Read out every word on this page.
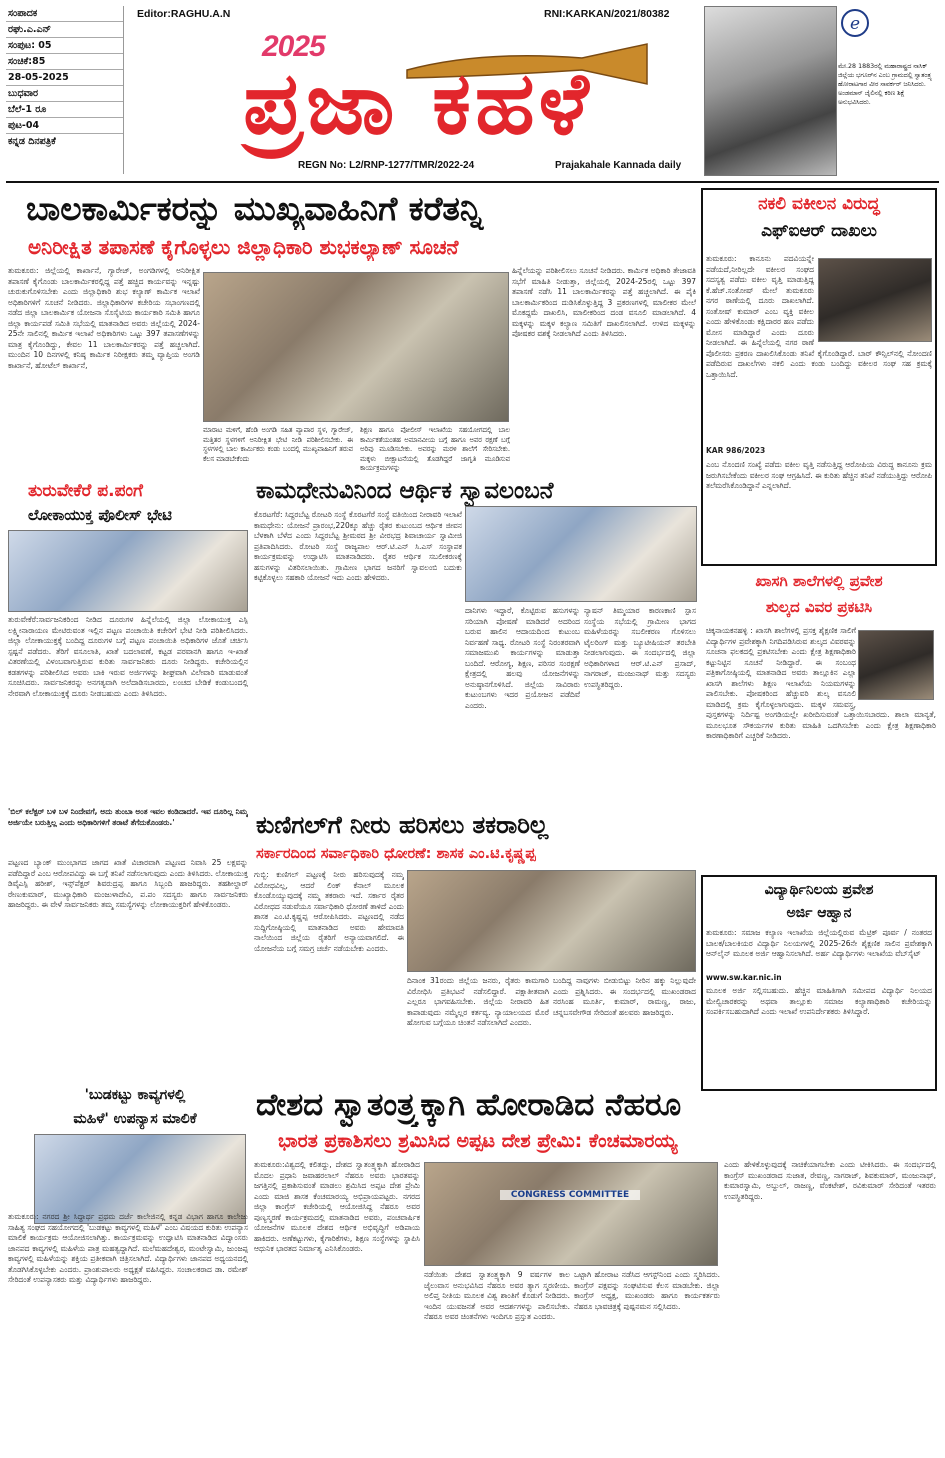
ಸಂಪಾದಕ
ರಘು.ಎ.ಎನ್
ಸಂಪುಟ: 05
ಸಂಚಿಕೆ:85
28-05-2025
ಬುಧವಾರ
ಬೆಲೆ-1 ರೂ
ಪುಟ-04
ಕನ್ನಡ ದಿನಪತ್ರಿಕೆ
Editor:RAGHU.A.N	RNI:KARKAN/2021/80382
2025
ಪ್ರಜಾ ಕಹಳೆ
REGN No: L2/RNP-1277/TMR/2022-24	Prajakahale Kannada daily
e
ಮೇ.28 1883ರಲ್ಲಿ ಮಹಾರಾಷ್ಟ್ರದ ನಾಸಿಕ್ ಜಿಲ್ಲೆಯ ಭಗೂರ್‌ನ ಎಂಬ ಗ್ರಾಮದಲ್ಲಿ ಸ್ವಾತಂತ್ರ್ಯ ಹೋರಾಟಗಾರ ವೀರ ಸಾವರ್ಕರ್ ಜನಿಸಿದರು. ಅಂಡಮಾನ್ ಜೈಲಿನಲ್ಲಿ ಕಠಿಣ ಶಿಕ್ಷೆ ಅನುಭವಿಸಿದರು.
ಬಾಲಕಾರ್ಮಿಕರನ್ನು ಮುಖ್ಯವಾಹಿನಿಗೆ ಕರೆತನ್ನಿ
ಅನಿರೀಕ್ಷಿತ ತಪಾಸಣೆ ಕೈಗೊಳ್ಳಲು ಜಿಲ್ಲಾಧಿಕಾರಿ ಶುಭಕಲ್ಯಾಣ್ ಸೂಚನೆ
ತುಮಕೂರು: ಜಿಲ್ಲೆಯಲ್ಲಿ ಕಾರ್ಖಾನೆ, ಗ್ಯಾರೇಜ್, ಅಂಗಡಿಗಳಲ್ಲಿ ಅನಿರೀಕ್ಷಿತ ತಪಾಸಣೆ ಕೈಗೊಂಡು ಬಾಲಕಾರ್ಮಿಕರಲ್ಲಿದ್ದ ಪತ್ತೆ ಹಚ್ಚಿದ ಕಾರ್ಯವನ್ನು ಇನ್ನಷ್ಟು ಚುರುಕುಗೊಳಿಸಬೇಕು ಎಂದು ಜಿಲ್ಲಾಧಿಕಾರಿ ಶುಭ ಕಲ್ಯಾಣ್ ಕಾರ್ಮಿಕ ಇಲಾಖೆ ಅಧಿಕಾರಿಗಳಿಗೆ ಸೂಚನೆ ನೀಡಿದರು. ಜಿಲ್ಲಾಧಿಕಾರಿಗಳ ಕಚೇರಿಯ ಸಭಾಂಗಣದಲ್ಲಿ ನಡೆದ ಜಿಲ್ಲಾ ಬಾಲಕಾರ್ಮಿಕ ಯೋಜನಾ ಸೊಸೈಟಿಯ ಕಾರ್ಯಕಾರಿ ಸಮಿತಿ ಹಾಗೂ ಜಿಲ್ಲಾ ಕಾರ್ಯಪಡೆ ಸಮಿತಿ ಸಭೆಯಲ್ಲಿ ಮಾತನಾಡಿದ ಅವರು ಜಿಲ್ಲೆಯಲ್ಲಿ 2024-25ನೇ ಸಾಲಿನಲ್ಲಿ ಕಾರ್ಮಿಕ ಇಲಾಖೆ ಅಧಿಕಾರಿಗಳು ಒಟ್ಟು 397 ತಪಾಸಣೆಗಳನ್ನು ಮಾತ್ರ ಕೈಗೊಂಡಿದ್ದು, ಕೇವಲ 11 ಬಾಲಕಾರ್ಮಿಕರನ್ನು ಪತ್ತೆ ಹಚ್ಚಲಾಗಿದೆ. ಮುಂದಿನ 10 ದಿನಗಳಲ್ಲಿ ಕನಿಷ್ಠ ಕಾರ್ಮಿಕ ನಿರೀಕ್ಷಕರು ತಮ್ಮ ವ್ಯಾಪ್ತಿಯ ಅಂಗಡಿ ಕಾರ್ಖಾನೆ, ಹೋಟೆಲ್ ಕಾರ್ಖಾನೆ,
ಮಾರಾಟ ಮಳಿಗೆ, ಹೆಂಡಿ ಅಂಗಡಿ ಸಹಿತ ವ್ಯಾಪಾರ ಸ್ಥಳ, ಗ್ಯಾರೇಜ್, ಮತ್ತಿತರ ಸ್ಥಳಗಳಿಗೆ ಅನಿರೀಕ್ಷಿತ ಭೇಟಿ ನೀಡಿ ಪರಿಶೀಲಿಸಬೇಕು. ಈ ಸ್ಥಳಗಳಲ್ಲಿ ಬಾಲ ಕಾರ್ಮಿಕರು ಕಂಡು ಬಂದಲ್ಲಿ ಮುಖ್ಯವಾಹಿನಿಗೆ ತರುವ ಕೆಲಸ ಮಾಡಬೇಕೆಂದು
ಶಿಕ್ಷಣ ಹಾಗೂ ಪೋಲೀಸ್ ಇಲಾಖೆಯ ಸಹಯೋಗದಲ್ಲಿ ಬಾಲ ಕಾರ್ಮಿಕತೆಯಂತಹ ಅಮಾನವೀಯ ಬಗ್ಗೆ ಹಾಗೂ ಅವರ ರಕ್ಷಣೆ ಬಗ್ಗೆ ಅರಿವು ಮೂಡಿಸಬೇಕು. ಅವರನ್ನು ಮರಳಿ ಶಾಲೆಗೆ ಸೇರಿಸಬೇಕು. ಮಕ್ಕಳು ಬೀಕ್ಷಾಟನೆಯಲ್ಲಿ ತೊಡಗಿದ್ದರೆ ಜಾಗೃತಿ ಮೂಡಿಸುವ ಕಾರ್ಯಕ್ರಮಗಳನ್ನು
ಹಿನ್ನೆಲೆಯನ್ನು ಪರಿಶೀಲಿಸಲು ಸೂಚನೆ ನೀಡಿದರು. ಕಾರ್ಮಿಕ ಅಧಿಕಾರಿ ತೇಜಾವತಿ ಸಭೆಗೆ ಮಾಹಿತಿ ನೀಡುತ್ತಾ, ಜಿಲ್ಲೆಯಲ್ಲಿ 2024-25ರಲ್ಲಿ ಒಟ್ಟು 397 ತಪಾಸಣೆ ನಡೆಸಿ 11 ಬಾಲಕಾರ್ಮಿಕರನ್ನು ಪತ್ತೆ ಹಚ್ಚಲಾಗಿದೆ. ಈ ಪೈಕಿ ಬಾಲಕಾರ್ಮಿಕರಿಂದ ದುಡಿಸಿಕೊಳ್ಳುತ್ತಿದ್ದ 3 ಪ್ರಕರಣಗಳಲ್ಲಿ ಮಾಲೀಕರ ಮೇಲೆ ಮೊಕದ್ದಮೆ ದಾಖಲಿಸಿ, ಮಾಲೀಕರಿಂದ ದಂಡ ವಸೂಲಿ ಮಾಡಲಾಗಿದೆ. 4 ಮಕ್ಕಳನ್ನು ಮಕ್ಕಳ ಕಲ್ಯಾಣ ಸಮಿತಿಗೆ ದಾಖಲಿಸಲಾಗಿದೆ. ಉಳಿದ ಮಕ್ಕಳನ್ನು ಪೋಷಕರ ವಶಕ್ಕೆ ನೀಡಲಾಗಿದೆ ಎಂದು ತಿಳಿಸಿದರು.
ನಕಲಿ ವಕೀಲನ ವಿರುದ್ಧ
ಎಫ್‌ಐಆರ್ ದಾಖಲು
ತುಮಕೂರು: ಕಾನೂನು ಪದವಿಯನ್ನೇ ಪಡೆಯದೆ,ನೀರಿಲ್ಲದೇ ವಕೀಲರ ಸಂಘದ ಸದಸ್ಯತ್ವ ಪಡೆದು ವಕೀಲ ವೃತ್ತಿ ಮಾಡುತ್ತಿದ್ದ ಕೆ.ಹೆಚ್.ಸಂತೋಷ್ ಮೇಲೆ ತುಮಕೂರು ನಗರ ಠಾಣೆಯಲ್ಲಿ ದೂರು ದಾಖಲಾಗಿದೆ. ಸಂತೋಷ್ ಕುಮಾರ್ ಎಂಬ ವ್ಯಕ್ತಿ ವಕೀಲ ಎಂದು ಹೇಳಿಕೊಂಡು ಕಕ್ಷಿದಾರರ ಹಣ ಪಡೆದು ಮೋಸ ಮಾಡಿದ್ದಾರೆ ಎಂದು ದೂರು ನೀಡಲಾಗಿದೆ. ಈ ಹಿನ್ನೆಲೆಯಲ್ಲಿ ನಗರ ಠಾಣೆ ಪೊಲೀಸರು ಪ್ರಕರಣ ದಾಖಲಿಸಿಕೊಂಡು ತನಿಖೆ ಕೈಗೊಂಡಿದ್ದಾರೆ. ಬಾರ್ ಕೌನ್ಸಿಲ್‌ನಲ್ಲಿ ನೋಂದಣಿ ಪಡೆದಿರುವ ದಾಖಲೆಗಳು ನಕಲಿ ಎಂದು ಕಂಡು ಬಂದಿದ್ದು ವಕೀಲರ ಸಂಘ ಸಹ ಕ್ರಮಕ್ಕೆ ಒತ್ತಾಯಿಸಿದೆ.
KAR 986/2023
ಎಂಬ ನೊಂದಣಿ ಸಂಖ್ಯೆ ಪಡೆದು ವಕೀಲ ವೃತ್ತಿ ನಡೆಸುತ್ತಿದ್ದ ಆರೋಪಿಯ ವಿರುದ್ಧ ಕಾನೂನು ಕ್ರಮ ಜರುಗಿಸಬೇಕೆಂದು ವಕೀಲರ ಸಂಘ ಆಗ್ರಹಿಸಿದೆ. ಈ ಕುರಿತು ಹೆಚ್ಚಿನ ತನಿಖೆ ನಡೆಯುತ್ತಿದ್ದು ಆರೋಪಿ ತಲೆಮರೆಸಿಕೊಂಡಿದ್ದಾನೆ ಎನ್ನಲಾಗಿದೆ.
ತುರುವೇಕೆರೆ ಪ.ಪಂಗೆ
ಲೋಕಾಯುಕ್ತ ಪೊಲೀಸ್ ಭೇಟಿ
ತುರುವೇಕೆರೆ:ಸಾರ್ವಜನಿಕರಿಂದ ನೀಡಿದ ದೂರುಗಳ ಹಿನ್ನೆಲೆಯಲ್ಲಿ ಜಿಲ್ಲಾ ಲೋಕಾಯುಕ್ತ ಎಸ್ಪಿ ಲಕ್ಷ್ಮೀನಾರಾಯಣ ಮೇಟಿರುವಂತ ಇಲ್ಲಿನ ಪಟ್ಟಣ ಪಂಚಾಯಿತಿ ಕಚೇರಿಗೆ ಭೇಟಿ ನೀಡಿ ಪರಿಶೀಲಿಸಿದರು. ಜಿಲ್ಲಾ ಲೋಕಾಯುಕ್ತಕ್ಕೆ ಬಂದಿದ್ದ ದೂರುಗಳ ಬಗ್ಗೆ ಪಟ್ಟಣ ಪಂಚಾಯಿತಿ ಅಧಿಕಾರಿಗಳ ಜೊತೆ ಚರ್ಚಿಸಿ ಸ್ಪಷ್ಟನೆ ಪಡೆದರು. ತೆರಿಗೆ ವಸೂಲಾತಿ, ಖಾತೆ ಬದಲಾವಣೆ, ಕಟ್ಟಡ ಪರವಾನಗಿ ಹಾಗೂ ಇ-ಖಾತೆ ವಿತರಣೆಯಲ್ಲಿ ವಿಳಂಬವಾಗುತ್ತಿರುವ ಕುರಿತು ಸಾರ್ವಜನಿಕರು ದೂರು ನೀಡಿದ್ದರು. ಕಚೇರಿಯಲ್ಲಿನ ಕಡತಗಳನ್ನು ಪರಿಶೀಲಿಸಿದ ಅವರು ಬಾಕಿ ಇರುವ ಅರ್ಜಿಗಳನ್ನು ಶೀಘ್ರವಾಗಿ ವಿಲೇವಾರಿ ಮಾಡುವಂತೆ ಸೂಚಿಸಿದರು. ಸಾರ್ವಜನಿಕರನ್ನು ಅನಗತ್ಯವಾಗಿ ಅಲೆದಾಡಿಸಬಾರದು, ಲಂಚದ ಬೇಡಿಕೆ ಕಂಡುಬಂದಲ್ಲಿ ನೇರವಾಗಿ ಲೋಕಾಯುಕ್ತಕ್ಕೆ ದೂರು ನೀಡಬಹುದು ಎಂದು ತಿಳಿಸಿದರು.
'ಬಿಲ್ ಕಲೆಕ್ಟರ್ ಬಳಿ ಬಳ ನಿಂದೇವಗೆ, ಅದು ತುಂಬಾ ಅಂತ ಇವಲ ಕಂಡಿದಾದರೆ. ಇವ ದೂರಿಲ್ಲ ನಿಮ್ಮ ಅರ್ಜಿಯೇ ಬರುತ್ತಿಲ್ಲ ಎಂದು ಅಧಿಕಾರಿಗಳಿಗೆ ತರಾಟೆ ತೆಗೆದುಕೊಂಡರು.'
ಪಟ್ಟಣದ ಬ್ಯಾಂಕ್ ಮುಂಭಾಗದ ಜಾಗದ ಖಾತೆ ವಿಚಾರವಾಗಿ ಪಟ್ಟಣದ ನಿವಾಸಿ 25 ಲಕ್ಷವನ್ನು ಪಡೆದಿದ್ದಾರೆ ಎಂಬ ಆರೋಪವಿದ್ದು ಈ ಬಗ್ಗೆ ತನಿಖೆ ನಡೆಸಲಾಗುವುದು ಎಂದು ತಿಳಿಸಿದರು. ಲೋಕಾಯುಕ್ತ ಡಿವೈಎಸ್ಪಿ ಹರೀಶ್, ಇನ್ಸ್‌ಪೆಕ್ಟರ್ ಶಿವರುದ್ರಪ್ಪ ಹಾಗೂ ಸಿಬ್ಬಂದಿ ಹಾಜರಿದ್ದರು. ತಹಶೀಲ್ದಾರ್ ರೇಣುಕುಮಾರ್, ಮುಖ್ಯಾಧಿಕಾರಿ ಮಂಜುಳಾದೇವಿ, ಪ.ಪಂ ಸದಸ್ಯರು ಹಾಗೂ ಸಾರ್ವಜನಿಕರು ಹಾಜರಿದ್ದರು. ಈ ವೇಳೆ ಸಾರ್ವಜನಿಕರು ತಮ್ಮ ಸಮಸ್ಯೆಗಳನ್ನು ಲೋಕಾಯುಕ್ತರಿಗೆ ಹೇಳಿಕೊಂಡರು.
ಕಾಮಧೇನುವಿನಿಂದ ಆರ್ಥಿಕ ಸ್ವಾವಲಂಬನೆ
ಕೊರಟಗೆರೆ: ಸಿದ್ದರಬೆಟ್ಟ ರೋಟರಿ ಸಂಸ್ಥೆ ಕೊರಟಗೆರೆ ಸಂಸ್ಥೆ ವತಿಯಿಂದ ನೀರಾವರಿ ಇಲಾಖೆ ಕಾಮಧೇನು: ಯೋಜನೆ ಪ್ರಾರಂಭ,220ಕ್ಕೂ ಹೆಚ್ಚು ರೈತರ ಕುಟುಂಬದ ಆರ್ಥಿಕ ಜೀವನ ಬೆಳಕಾಗಿ ಬೆಳೆದ ಎಂದು ಸಿದ್ದರಬೆಟ್ಟ ಶ್ರೀಮಠದ ಶ್ರೀ ವೀರಭದ್ರ ಶಿವಾಚಾರ್ಯ ಸ್ವಾಮೀಜಿ ಪ್ರತಿಪಾದಿಸಿದರು. ರೋಟರಿ ಸಂಸ್ಥೆ ರಾಜ್ಯಪಾಲ ಆರ್.ಟಿ.ಎನ್ ಸಿ.ಎಸ್ ಸಂಸ್ಥಾಪಕ ಕಾರ್ಯಕ್ರಮವನ್ನು ಉದ್ಘಾಟಿಸಿ ಮಾತನಾಡಿದರು. ರೈತರ ಆರ್ಥಿಕ ಸಬಲೀಕರಣಕ್ಕೆ ಹಸುಗಳನ್ನು ವಿತರಿಸಲಾಯಿತು. ಗ್ರಾಮೀಣ ಭಾಗದ ಜನರಿಗೆ ಸ್ವಾವಲಂಬಿ ಬದುಕು ಕಟ್ಟಿಕೊಳ್ಳಲು ಸಹಕಾರಿ ಯೋಜನೆ ಇದು ಎಂದು ಹೇಳಿದರು.
ದಾನಿಗಳು ಇದ್ದಾರೆ, ಕೊಟ್ಟಿರುವ ಹಸುಗಳನ್ನು ಸರಿಯಾಗಿ ಪೋಷಣೆ ಮಾಡಿದರೆ ಅದರಿಂದ ಬರುವ ಹಾಲಿನ ಆದಾಯದಿಂದ ಕುಟುಂಬ ನಿರ್ವಹಣೆ ಸಾಧ್ಯ. ರೋಟರಿ ಸಂಸ್ಥೆ ನಿರಂತರವಾಗಿ ಸಮಾಜಮುಖಿ ಕಾರ್ಯಗಳನ್ನು ಮಾಡುತ್ತಾ ಬಂದಿದೆ. ಆರೋಗ್ಯ, ಶಿಕ್ಷಣ, ಪರಿಸರ ಸಂರಕ್ಷಣೆ ಕ್ಷೇತ್ರದಲ್ಲಿ ಹಲವು ಯೋಜನೆಗಳನ್ನು ಅನುಷ್ಠಾನಗೊಳಿಸಿದೆ. ಜಿಲ್ಲೆಯ ಸಾವಿರಾರು ಕುಟುಂಬಗಳು ಇದರ ಪ್ರಯೋಜನ ಪಡೆದಿವೆ ಎಂದರು.
ನ್ಯಾಷನ್ ತಿಮ್ಮಯಾರ ಕಾರಣಕಾಣಿ ಸ್ಪಾಸ ಸಂಸ್ಥೆಯ ಸಭೆಯಲ್ಲಿ ಗ್ರಾಮೀಣ ಭಾಗದ ಮಹಿಳೆಯರನ್ನು ಸಬಲೀಕರಣ ಗೊಳಿಸಲು ಟೈಲರಿಂಗ್ ಮತ್ತು ಬ್ಯೂಟೀಷಿಯನ್ ತರಬೇತಿ ನೀಡಲಾಗುವುದು. ಈ ಸಂದರ್ಭದಲ್ಲಿ ಜಿಲ್ಲಾ ಅಧಿಕಾರಿಗಳಾದ ಆರ್.ಟಿ.ಎನ್ ಪ್ರಸಾದ್, ನಾಗರಾಜ್, ಮಂಜುನಾಥ್ ಮತ್ತು ಸದಸ್ಯರು ಉಪಸ್ಥಿತರಿದ್ದರು.
ಖಾಸಗಿ ಶಾಲೆಗಳಲ್ಲಿ ಪ್ರವೇಶ
ಶುಲ್ಕದ ವಿವರ ಪ್ರಕಟಿಸಿ
ಚಿಕ್ಕನಾಯಕನಹಳ್ಳಿ : ಖಾಸಗಿ ಶಾಲೆಗಳಲ್ಲಿ ಪ್ರಸಕ್ತ ಶೈಕ್ಷಣಿಕ ಸಾಲಿಗೆ ವಿದ್ಯಾರ್ಥಿಗಳ ಪ್ರವೇಶಕ್ಕಾಗಿ ನಿಗದಿಪಡಿಸಿರುವ ಶುಲ್ಕದ ವಿವರವನ್ನು ಸೂಚನಾ ಫಲಕದಲ್ಲಿ ಪ್ರಕಟಿಸಬೇಕು ಎಂದು ಕ್ಷೇತ್ರ ಶಿಕ್ಷಣಾಧಿಕಾರಿ ಕಟ್ಟುನಿಟ್ಟಿನ ಸೂಚನೆ ನೀಡಿದ್ದಾರೆ. ಈ ಸಂಬಂಧ ಪತ್ರಿಕಾಗೋಷ್ಠಿಯಲ್ಲಿ ಮಾತನಾಡಿದ ಅವರು ತಾಲ್ಲೂಕಿನ ಎಲ್ಲಾ ಖಾಸಗಿ ಶಾಲೆಗಳು ಶಿಕ್ಷಣ ಇಲಾಖೆಯ ನಿಯಮಗಳನ್ನು ಪಾಲಿಸಬೇಕು. ಪೋಷಕರಿಂದ ಹೆಚ್ಚುವರಿ ಶುಲ್ಕ ವಸೂಲಿ ಮಾಡಿದಲ್ಲಿ ಕ್ರಮ ಕೈಗೊಳ್ಳಲಾಗುವುದು. ಮಕ್ಕಳ ಸಮವಸ್ತ್ರ, ಪುಸ್ತಕಗಳನ್ನು ನಿರ್ದಿಷ್ಟ ಅಂಗಡಿಯಲ್ಲೇ ಖರೀದಿಸುವಂತೆ ಒತ್ತಾಯಿಸಬಾರದು. ಶಾಲಾ ಮಾನ್ಯತೆ, ಮೂಲಭೂತ ಸೌಕರ್ಯಗಳ ಕುರಿತು ಮಾಹಿತಿ ಒದಗಿಸಬೇಕು ಎಂದು ಕ್ಷೇತ್ರ ಶಿಕ್ಷಣಾಧಿಕಾರಿ ಕಾರಣಾಧಿಕಾರಿಗೆ ಎಚ್ಚರಿಕೆ ನೀಡಿದರು.
ವಿದ್ಯಾರ್ಥಿನಿಲಯ ಪ್ರವೇಶ
ಅರ್ಜಿ ಆಹ್ವಾನ
ತುಮಕೂರು: ಸಮಾಜ ಕಲ್ಯಾಣ ಇಲಾಖೆಯ ಜಿಲ್ಲೆಯಲ್ಲಿರುವ ಮೆಟ್ರಿಕ್ ಪೂರ್ವ / ನಂತರದ ಬಾಲಕ/ಬಾಲಕಿಯರ ವಿದ್ಯಾರ್ಥಿ ನಿಲಯಗಳಲ್ಲಿ 2025-26ನೇ ಶೈಕ್ಷಣಿಕ ಸಾಲಿನ ಪ್ರವೇಶಕ್ಕಾಗಿ ಆನ್‌ಲೈನ್ ಮೂಲಕ ಅರ್ಜಿ ಆಹ್ವಾನಿಸಲಾಗಿದೆ. ಅರ್ಹ ವಿದ್ಯಾರ್ಥಿಗಳು ಇಲಾಖೆಯ ವೆಬ್‌ಸೈಟ್
www.sw.kar.nic.in
ಮೂಲಕ ಅರ್ಜಿ ಸಲ್ಲಿಸಬಹುದು. ಹೆಚ್ಚಿನ ಮಾಹಿತಿಗಾಗಿ ಸಮೀಪದ ವಿದ್ಯಾರ್ಥಿ ನಿಲಯದ ಮೇಲ್ವಿಚಾರಕರನ್ನು ಅಥವಾ ತಾಲ್ಲೂಕು ಸಮಾಜ ಕಲ್ಯಾಣಾಧಿಕಾರಿ ಕಚೇರಿಯನ್ನು ಸಂಪರ್ಕಿಸಬಹುದಾಗಿದೆ ಎಂದು ಇಲಾಖೆ ಉಪನಿರ್ದೇಶಕರು ತಿಳಿಸಿದ್ದಾರೆ.
ಕುಣಿಗಲ್‌ಗೆ ನೀರು ಹರಿಸಲು ತಕರಾರಿಲ್ಲ
ಸರ್ಕಾರದಿಂದ ಸರ್ವಾಧಿಕಾರಿ ಧೋರಣೆ: ಶಾಸಕ ಎಂ.ಟಿ.ಕೃಷ್ಣಪ್ಪ
ಗುಬ್ಬಿ: ಕುಣಿಗಲ್ ಪಟ್ಟಣಕ್ಕೆ ನೀರು ಹರಿಸುವುದಕ್ಕೆ ನಮ್ಮ ವಿರೋಧವಿಲ್ಲ, ಆದರೆ ಲಿಂಕ್ ಕೆನಾಲ್ ಮೂಲಕ ಕೊಂಡೊಯ್ಯುವುದಕ್ಕೆ ನಮ್ಮ ತಕರಾರು ಇದೆ. ಸರ್ಕಾರ ರೈತರ ವಿರೋಧದ ನಡುವೆಯೂ ಸರ್ವಾಧಿಕಾರಿ ಧೋರಣೆ ತಾಳಿದೆ ಎಂದು ಶಾಸಕ ಎಂ.ಟಿ.ಕೃಷ್ಣಪ್ಪ ಆರೋಪಿಸಿದರು. ಪಟ್ಟಣದಲ್ಲಿ ನಡೆದ ಸುದ್ದಿಗೋಷ್ಠಿಯಲ್ಲಿ ಮಾತನಾಡಿದ ಅವರು ಹೇಮಾವತಿ ನಾಲೆಯಿಂದ ಜಿಲ್ಲೆಯ ರೈತರಿಗೆ ಅನ್ಯಾಯವಾಗಲಿದೆ. ಈ ಯೋಜನೆಯ ಬಗ್ಗೆ ಸಮಗ್ರ ಚರ್ಚೆ ನಡೆಯಬೇಕು ಎಂದರು.
ದಿನಾಂಕ 31ರಂದು ಜಿಲ್ಲೆಯ ಜನರು, ರೈತರು ಕಾಮಗಾರಿ ವಿರೋಧಿಸಿ ಪ್ರತಿಭಟನೆ ನಡೆಸಲಿದ್ದಾರೆ. ಪಕ್ಷಾತೀತವಾಗಿ ಎಲ್ಲರೂ ಭಾಗವಹಿಸಬೇಕು. ಜಿಲ್ಲೆಯ ನೀರಾವರಿ ಹಿತ ಕಾಪಾಡುವುದು ನಮ್ಮೆಲ್ಲರ ಕರ್ತವ್ಯ. ನ್ಯಾಯಾಲಯದ ಮೊರೆ ಹೋಗುವ ಬಗ್ಗೆಯೂ ಚಿಂತನೆ ನಡೆಸಲಾಗಿದೆ ಎಂದರು.
ಬಂದಿದ್ದ ನಾವುಗಳು ಬೀಡುಬಿಟ್ಟು ನೀರಿನ ಹಕ್ಕು ನಿಲ್ಲುವುದೇ ಎಂದು ಪ್ರಶ್ನಿಸಿದರು. ಈ ಸಂದರ್ಭದಲ್ಲಿ ಮುಖಂಡರಾದ ನರಸಿಂಹ ಮೂರ್ತಿ, ಕುಮಾರ್, ರಾಮಣ್ಣ, ರಾಜು, ಚನ್ನಬಸವೇಗೌಡ ಸೇರಿದಂತೆ ಹಲವರು ಹಾಜರಿದ್ದರು.
'ಬುಡಕಟ್ಟು ಕಾವ್ಯಗಳಲ್ಲಿ
ಮಹಿಳೆ' ಉಪನ್ಯಾಸ ಮಾಲಿಕೆ
ತುಮಕೂರು: ನಗರದ ಶ್ರೀ ಸಿದ್ಧಾರ್ಥ ಪ್ರಥಮ ದರ್ಜೆ ಕಾಲೇಜಿನಲ್ಲಿ ಕನ್ನಡ ವಿಭಾಗ ಹಾಗೂ ಕಾಲೇಜು ಸಾಹಿತ್ಯ ಸಂಘದ ಸಹಯೋಗದಲ್ಲಿ 'ಬುಡಕಟ್ಟು ಕಾವ್ಯಗಳಲ್ಲಿ ಮಹಿಳೆ' ಎಂಬ ವಿಷಯದ ಕುರಿತು ಉಪನ್ಯಾಸ ಮಾಲಿಕೆ ಕಾರ್ಯಕ್ರಮ ಆಯೋಜಿಸಲಾಗಿತ್ತು. ಕಾರ್ಯಕ್ರಮವನ್ನು ಉದ್ಘಾಟಿಸಿ ಮಾತನಾಡಿದ ವಿದ್ವಾಂಸರು ಜಾನಪದ ಕಾವ್ಯಗಳಲ್ಲಿ ಮಹಿಳೆಯ ಪಾತ್ರ ಮಹತ್ವದ್ದಾಗಿದೆ. ಮಲೆಮಹದೇಶ್ವರ, ಮಂಟೇಸ್ವಾಮಿ, ಜುಂಜಪ್ಪ ಕಾವ್ಯಗಳಲ್ಲಿ ಮಹಿಳೆಯನ್ನು ಶಕ್ತಿಯ ಪ್ರತೀಕವಾಗಿ ಚಿತ್ರಿಸಲಾಗಿದೆ. ವಿದ್ಯಾರ್ಥಿಗಳು ಜಾನಪದ ಅಧ್ಯಯನದಲ್ಲಿ ತೊಡಗಿಸಿಕೊಳ್ಳಬೇಕು ಎಂದರು. ಪ್ರಾಂಶುಪಾಲರು ಅಧ್ಯಕ್ಷತೆ ವಹಿಸಿದ್ದರು. ಸಂಚಾಲಕರಾದ ಡಾ. ರಮೇಶ್ ಸೇರಿದಂತೆ ಉಪನ್ಯಾಸಕರು ಮತ್ತು ವಿದ್ಯಾರ್ಥಿಗಳು ಹಾಜರಿದ್ದರು.
ದೇಶದ ಸ್ವಾತಂತ್ರ್ಯಕ್ಕಾಗಿ ಹೋರಾಡಿದ ನೆಹರೂ
ಭಾರತ ಪ್ರಕಾಶಿಸಲು ಶ್ರಮಿಸಿದ ಅಪ್ಪಟ ದೇಶ ಪ್ರೇಮಿ: ಕೆಂಚಮಾರಯ್ಯ
ತುಮಕೂರು:ವಿಶ್ವದಲ್ಲಿ ಕಲಿತದ್ದು, ದೇಶದ ಸ್ವಾತಂತ್ರ್ಯಕ್ಕಾಗಿ ಹೋರಾಡಿದ ಮೊದಲ ಪ್ರಧಾನಿ ಜವಾಹರಲಾಲ್ ನೆಹರೂ ಅವರು ಭಾರತವನ್ನು ಜಗತ್ತಿನಲ್ಲಿ ಪ್ರಕಾಶಿಸುವಂತೆ ಮಾಡಲು ಶ್ರಮಿಸಿದ ಅಪ್ಪಟ ದೇಶ ಪ್ರೇಮಿ ಎಂದು ಮಾಜಿ ಶಾಸಕ ಕೆಂಚಮಾರಯ್ಯ ಅಭಿಪ್ರಾಯಪಟ್ಟರು. ನಗರದ ಜಿಲ್ಲಾ ಕಾಂಗ್ರೆಸ್ ಕಚೇರಿಯಲ್ಲಿ ಆಯೋಜಿಸಿದ್ದ ನೆಹರೂ ಅವರ ಪುಣ್ಯಸ್ಮರಣೆ ಕಾರ್ಯಕ್ರಮದಲ್ಲಿ ಮಾತನಾಡಿದ ಅವರು, ಪಂಚವಾರ್ಷಿಕ ಯೋಜನೆಗಳ ಮೂಲಕ ದೇಶದ ಆರ್ಥಿಕ ಅಭಿವೃದ್ಧಿಗೆ ಅಡಿಪಾಯ ಹಾಕಿದರು. ಅಣೆಕಟ್ಟುಗಳು, ಕೈಗಾರಿಕೆಗಳು, ಶಿಕ್ಷಣ ಸಂಸ್ಥೆಗಳನ್ನು ಸ್ಥಾಪಿಸಿ ಆಧುನಿಕ ಭಾರತದ ನಿರ್ಮಾತೃ ಎನಿಸಿಕೊಂಡರು.
CONGRESS COMMITTEE
ನಡೆಯಿತು ದೇಶದ ಸ್ವಾತಂತ್ರ್ಯಕ್ಕಾಗಿ 9 ವರ್ಷಗಳ ಕಾಲ ಜೈಲುವಾಸ ಅನುಭವಿಸಿದ ನೆಹರೂ ಅವರ ತ್ಯಾಗ ಸ್ಮರಣೀಯ. ಅಲಿಪ್ತ ನೀತಿಯ ಮೂಲಕ ವಿಶ್ವ ಶಾಂತಿಗೆ ಕೊಡುಗೆ ನೀಡಿದರು. ಇಂದಿನ ಯುವಜನತೆ ಅವರ ಆದರ್ಶಗಳನ್ನು ಪಾಲಿಸಬೇಕು. ನೆಹರೂ ಅವರ ಚಿಂತನೆಗಳು ಇಂದಿಗೂ ಪ್ರಸ್ತುತ ಎಂದರು.
ಒಟ್ಟಾಗಿ ಹೋರಾಟ ನಡೆಸಿದ ಆಗಸ್ಟ್‌ನಿಂದ ಎಂದು ಸ್ಮರಿಸಿದರು. ಕಾಂಗ್ರೆಸ್ ಪಕ್ಷವನ್ನು ಸಂಘಟಿಸುವ ಕೆಲಸ ಮಾಡಬೇಕು. ಜಿಲ್ಲಾ ಕಾಂಗ್ರೆಸ್ ಅಧ್ಯಕ್ಷ, ಮುಖಂಡರು ಹಾಗೂ ಕಾರ್ಯಕರ್ತರು ನೆಹರೂ ಭಾವಚಿತ್ರಕ್ಕೆ ಪುಷ್ಪನಮನ ಸಲ್ಲಿಸಿದರು.
ಎಂದು ಹೇಳಿಕೊಳ್ಳುವುದಕ್ಕೆ ನಾಚಿಕೆಯಾಗಬೇಕು ಎಂದು ಟೀಕಿಸಿದರು. ಈ ಸಂದರ್ಭದಲ್ಲಿ ಕಾಂಗ್ರೆಸ್ ಮುಖಂಡರಾದ ಸುಜಾತ, ರೇವಣ್ಣ, ನಾಗರಾಜ್, ಶಿವಕುಮಾರ್, ಮಂಜುನಾಥ್, ಕುಮಾರಸ್ವಾಮಿ, ಅಬ್ದುಲ್, ರಾಜಣ್ಣ, ವೆಂಕಟೇಶ್, ರವಿಕುಮಾರ್ ಸೇರಿದಂತೆ ಇತರರು ಉಪಸ್ಥಿತರಿದ್ದರು.
